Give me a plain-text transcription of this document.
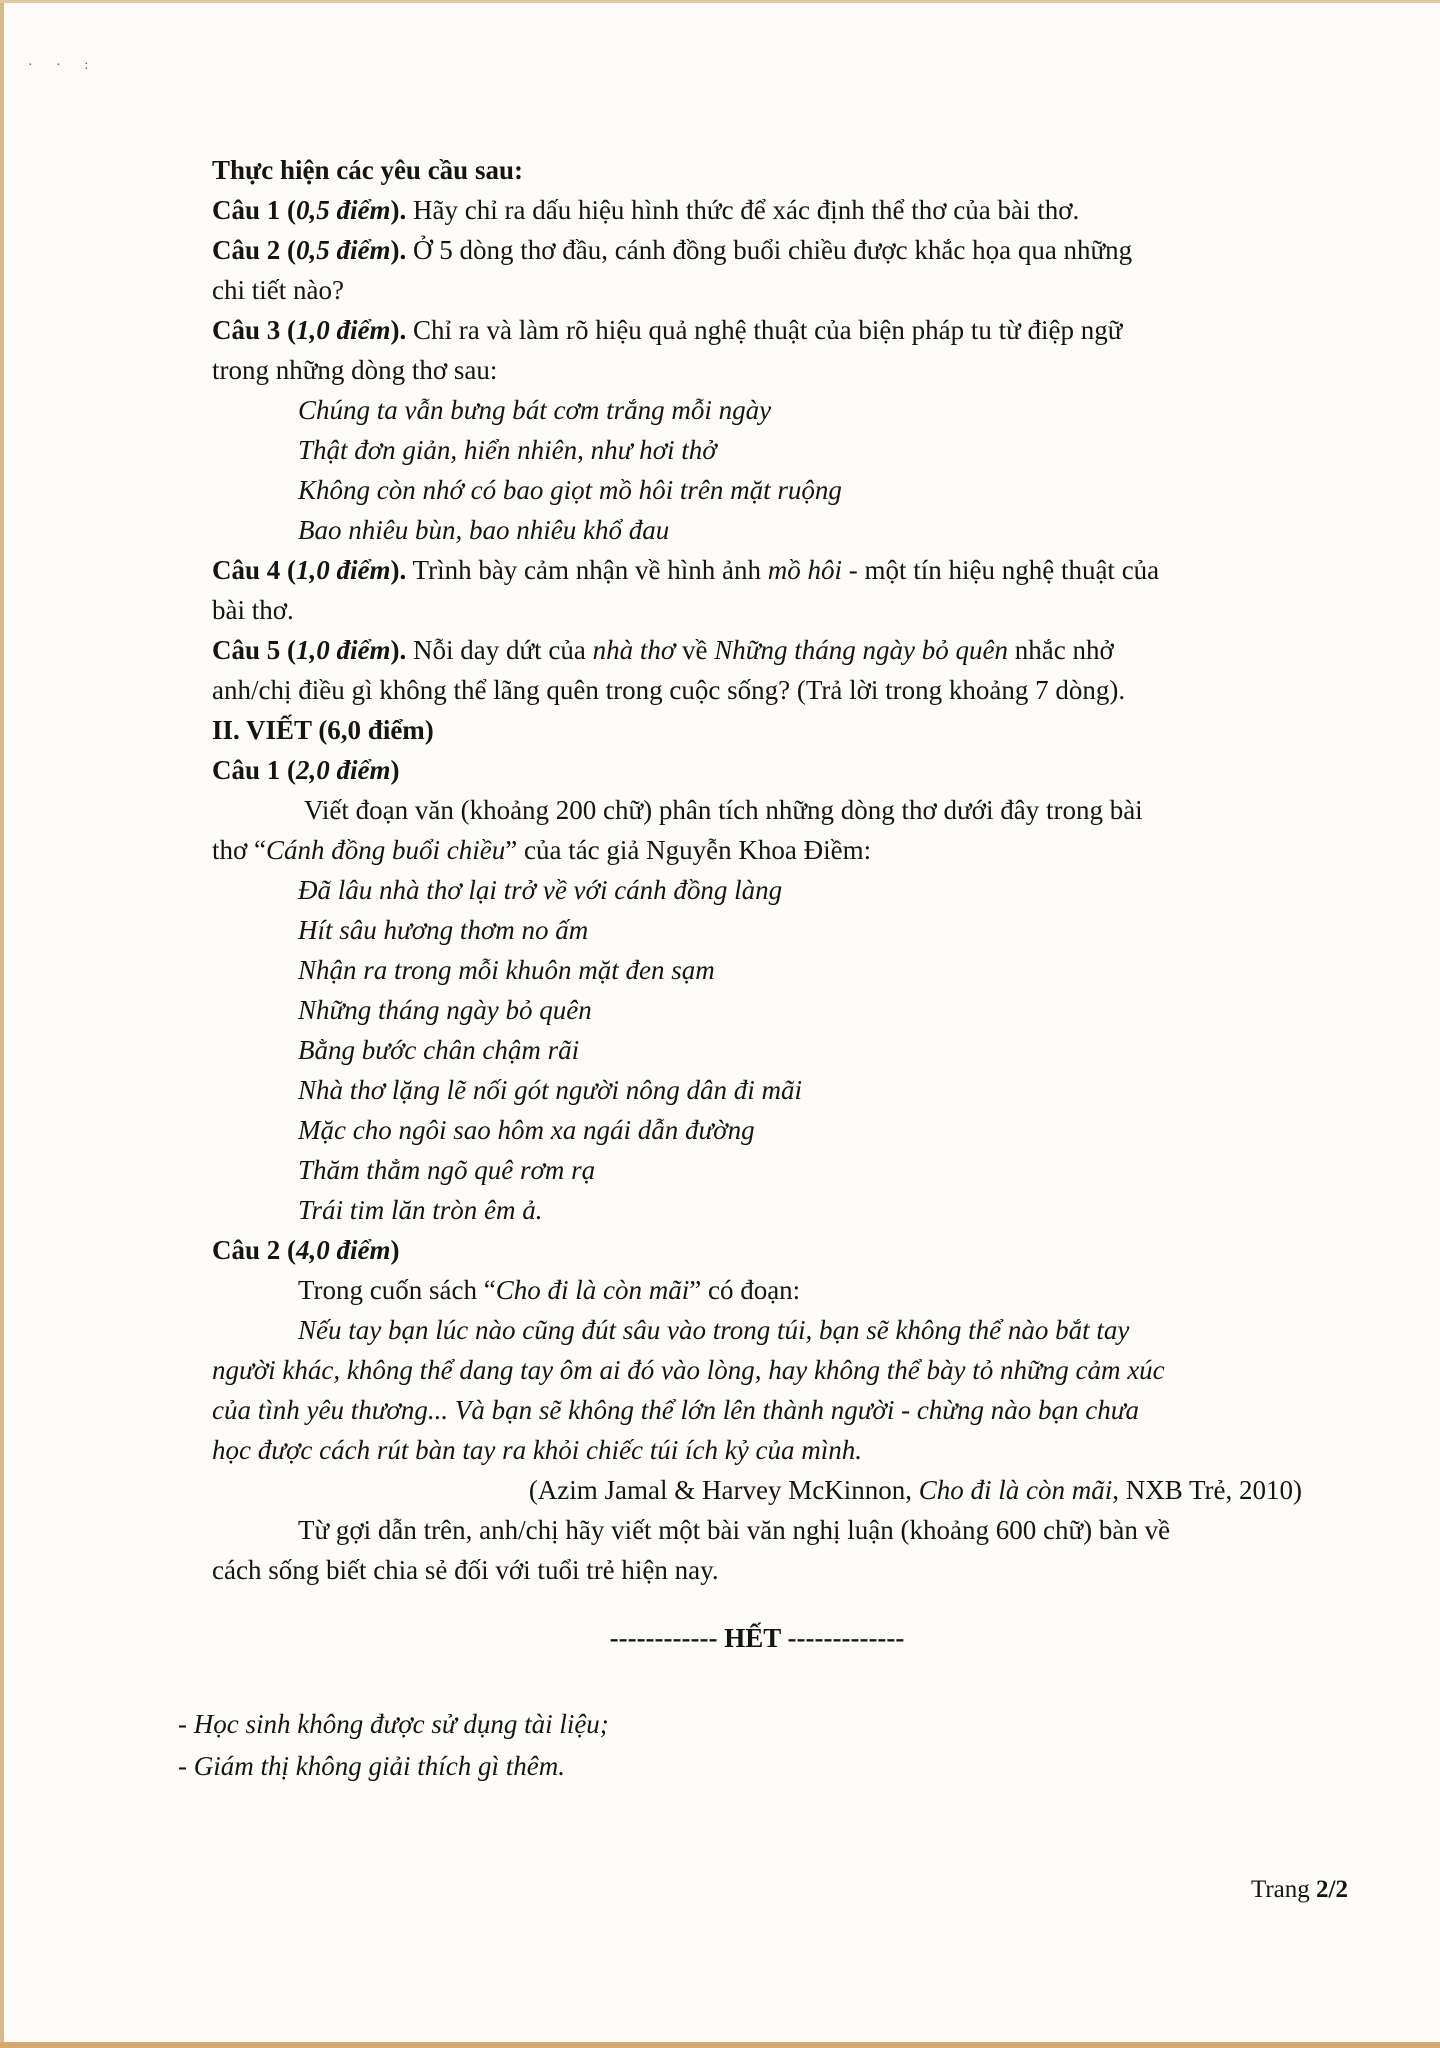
· · :
Thực hiện các yêu cầu sau:
Câu 1 (0,5 điểm). Hãy chỉ ra dấu hiệu hình thức để xác định thể thơ của bài thơ.
Câu 2 (0,5 điểm). Ở 5 dòng thơ đầu, cánh đồng buổi chiều được khắc họa qua những
chi tiết nào?
Câu 3 (1,0 điểm). Chỉ ra và làm rõ hiệu quả nghệ thuật của biện pháp tu từ điệp ngữ
trong những dòng thơ sau:
Chúng ta vẫn bưng bát cơm trắng mỗi ngày
Thật đơn giản, hiển nhiên, như hơi thở
Không còn nhớ có bao giọt mồ hôi trên mặt ruộng
Bao nhiêu bùn, bao nhiêu khổ đau
Câu 4 (1,0 điểm). Trình bày cảm nhận về hình ảnh mồ hôi - một tín hiệu nghệ thuật của
bài thơ.
Câu 5 (1,0 điểm). Nỗi day dứt của nhà thơ về Những tháng ngày bỏ quên nhắc nhở
anh/chị điều gì không thể lãng quên trong cuộc sống? (Trả lời trong khoảng 7 dòng).
II. VIẾT (6,0 điểm)
Câu 1 (2,0 điểm)
Viết đoạn văn (khoảng 200 chữ) phân tích những dòng thơ dưới đây trong bài
thơ “Cánh đồng buổi chiều” của tác giả Nguyễn Khoa Điềm:
Đã lâu nhà thơ lại trở về với cánh đồng làng
Hít sâu hương thơm no ấm
Nhận ra trong mỗi khuôn mặt đen sạm
Những tháng ngày bỏ quên
Bằng bước chân chậm rãi
Nhà thơ lặng lẽ nối gót người nông dân đi mãi
Mặc cho ngôi sao hôm xa ngái dẫn đường
Thăm thẳm ngõ quê rơm rạ
Trái tim lăn tròn êm ả.
Câu 2 (4,0 điểm)
Trong cuốn sách “Cho đi là còn mãi” có đoạn:
Nếu tay bạn lúc nào cũng đút sâu vào trong túi, bạn sẽ không thể nào bắt tay
người khác, không thể dang tay ôm ai đó vào lòng, hay không thể bày tỏ những cảm xúc
của tình yêu thương... Và bạn sẽ không thể lớn lên thành người - chừng nào bạn chưa
học được cách rút bàn tay ra khỏi chiếc túi ích kỷ của mình.
(Azim Jamal & Harvey McKinnon, Cho đi là còn mãi, NXB Trẻ, 2010)
Từ gợi dẫn trên, anh/chị hãy viết một bài văn nghị luận (khoảng 600 chữ) bàn về
cách sống biết chia sẻ đối với tuổi trẻ hiện nay.
------------ HẾT -------------
- Học sinh không được sử dụng tài liệu;
- Giám thị không giải thích gì thêm.
Trang 2/2
